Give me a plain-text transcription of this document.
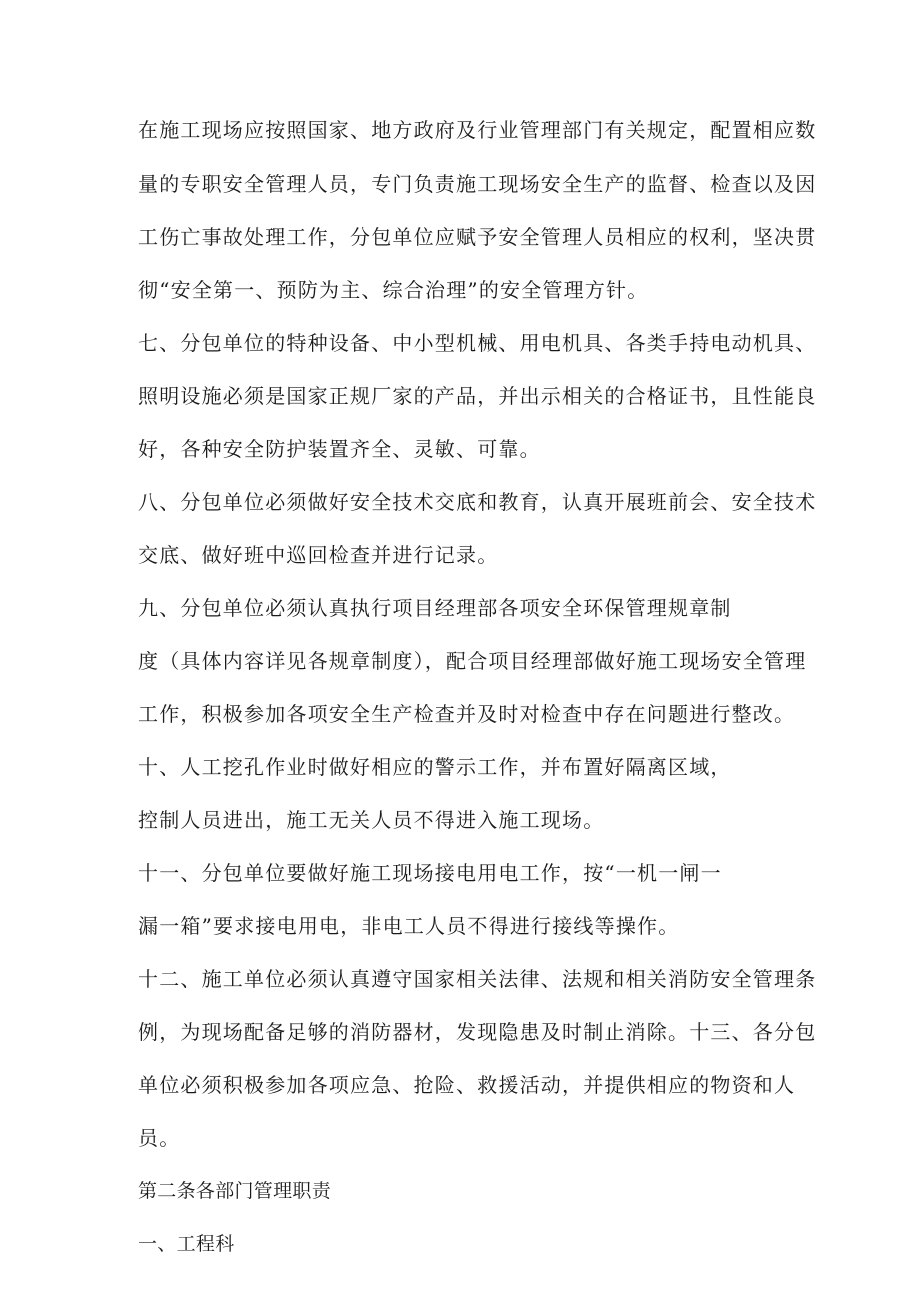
在施工现场应按照国家、地方政府及行业管理部门有关规定，配置相应数
量的专职安全管理人员，专门负责施工现场安全生产的监督、检查以及因
工伤亡事故处理工作，分包单位应赋予安全管理人员相应的权利，坚决贯
彻“安全第一、预防为主、综合治理”的安全管理方针。
七、分包单位的特种设备、中小型机械、用电机具、各类手持电动机具、
照明设施必须是国家正规厂家的产品，并出示相关的合格证书，且性能良
好，各种安全防护装置齐全、灵敏、可靠。
八、分包单位必须做好安全技术交底和教育，认真开展班前会、安全技术
交底、做好班中巡回检查并进行记录。
九、分包单位必须认真执行项目经理部各项安全环保管理规章制
度（具体内容详见各规章制度），配合项目经理部做好施工现场安全管理
工作，积极参加各项安全生产检查并及时对检查中存在问题进行整改。
十、人工挖孔作业时做好相应的警示工作，并布置好隔离区域，
控制人员进出，施工无关人员不得进入施工现场。
十一、分包单位要做好施工现场接电用电工作，按“一机一闸一
漏一箱”要求接电用电，非电工人员不得进行接线等操作。
十二、施工单位必须认真遵守国家相关法律、法规和相关消防安全管理条
例，为现场配备足够的消防器材，发现隐患及时制止消除。十三、各分包
单位必须积极参加各项应急、抢险、救援活动，并提供相应的物资和人
员。
第二条各部门管理职责
一、工程科
